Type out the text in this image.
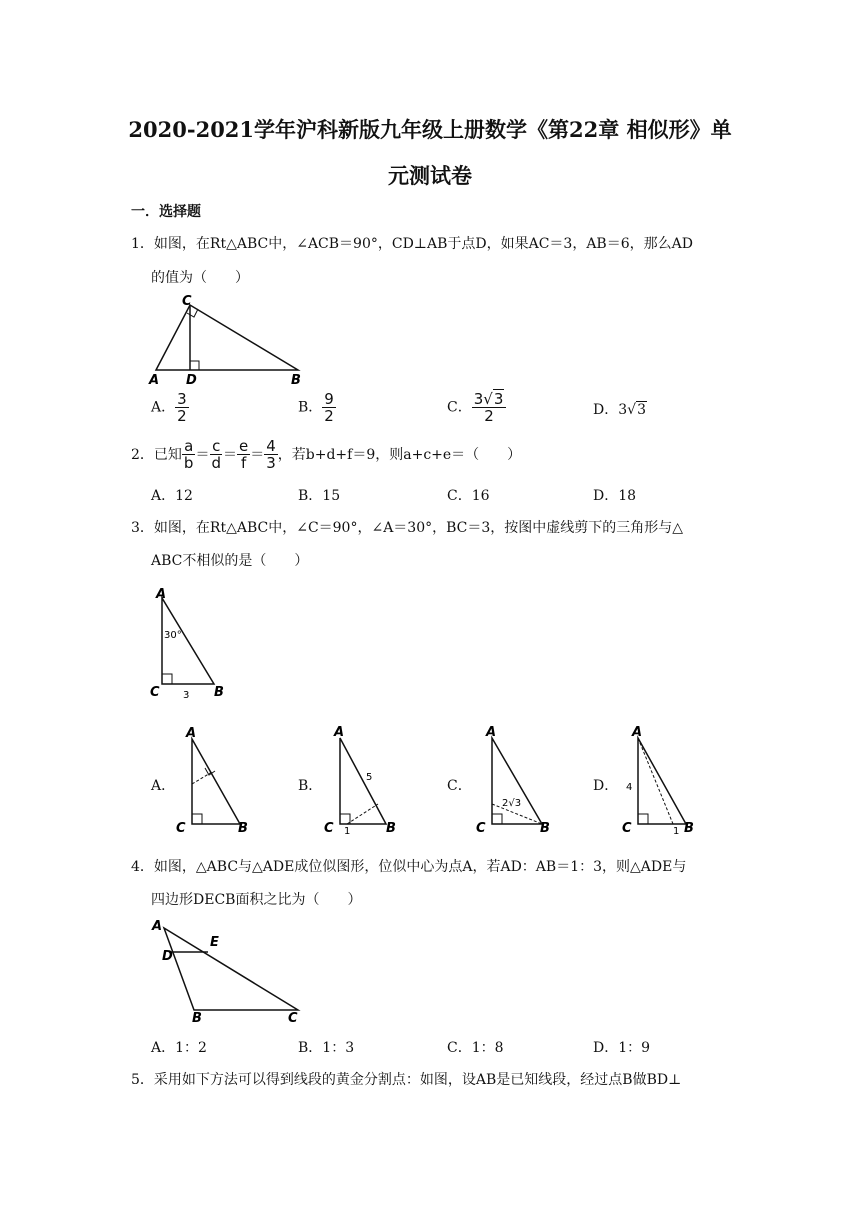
2020-2021学年沪科新版九年级上册数学《第22章 相似形》单
元测试卷
一．选择题
1．如图，在Rt△ABC中，∠ACB＝90°，CD⊥AB于点D，如果AC＝3，AB＝6，那么AD
的值为（　　）
C
A D	B
A． $\frac{3}{2}$	B． $\frac{9}{2}$	C． $\frac{3√3}{2}$	D．3√3
2．已知 $\frac{a}{b} = \frac{c}{d} = \frac{e}{f} = \frac{4}{3}$ ，若b+d+f＝9，则a+c+e＝（　　）
A．12	B．15	C．16	D．18
3．如图，在Rt△ABC中，∠C＝90°，∠A＝30°，BC＝3，按图中虚线剪下的三角形与△
ABC不相似的是（　　）
A
30°
C 3 B
A．
A
C	B
B．
A
5
C 1	B
C．
A
2√3
C	B
D．
A
4
C	1 B
4．如图，△ABC与△ADE成位似图形，位似中心为点A，若AD：AB＝1：3，则△ADE与
四边形DECB面积之比为（　　）
A
E
D
B	C
A．1：2	B．1：3	C．1：8	D．1：9
5．采用如下方法可以得到线段的黄金分割点：如图，设AB是已知线段，经过点B做BD⊥
